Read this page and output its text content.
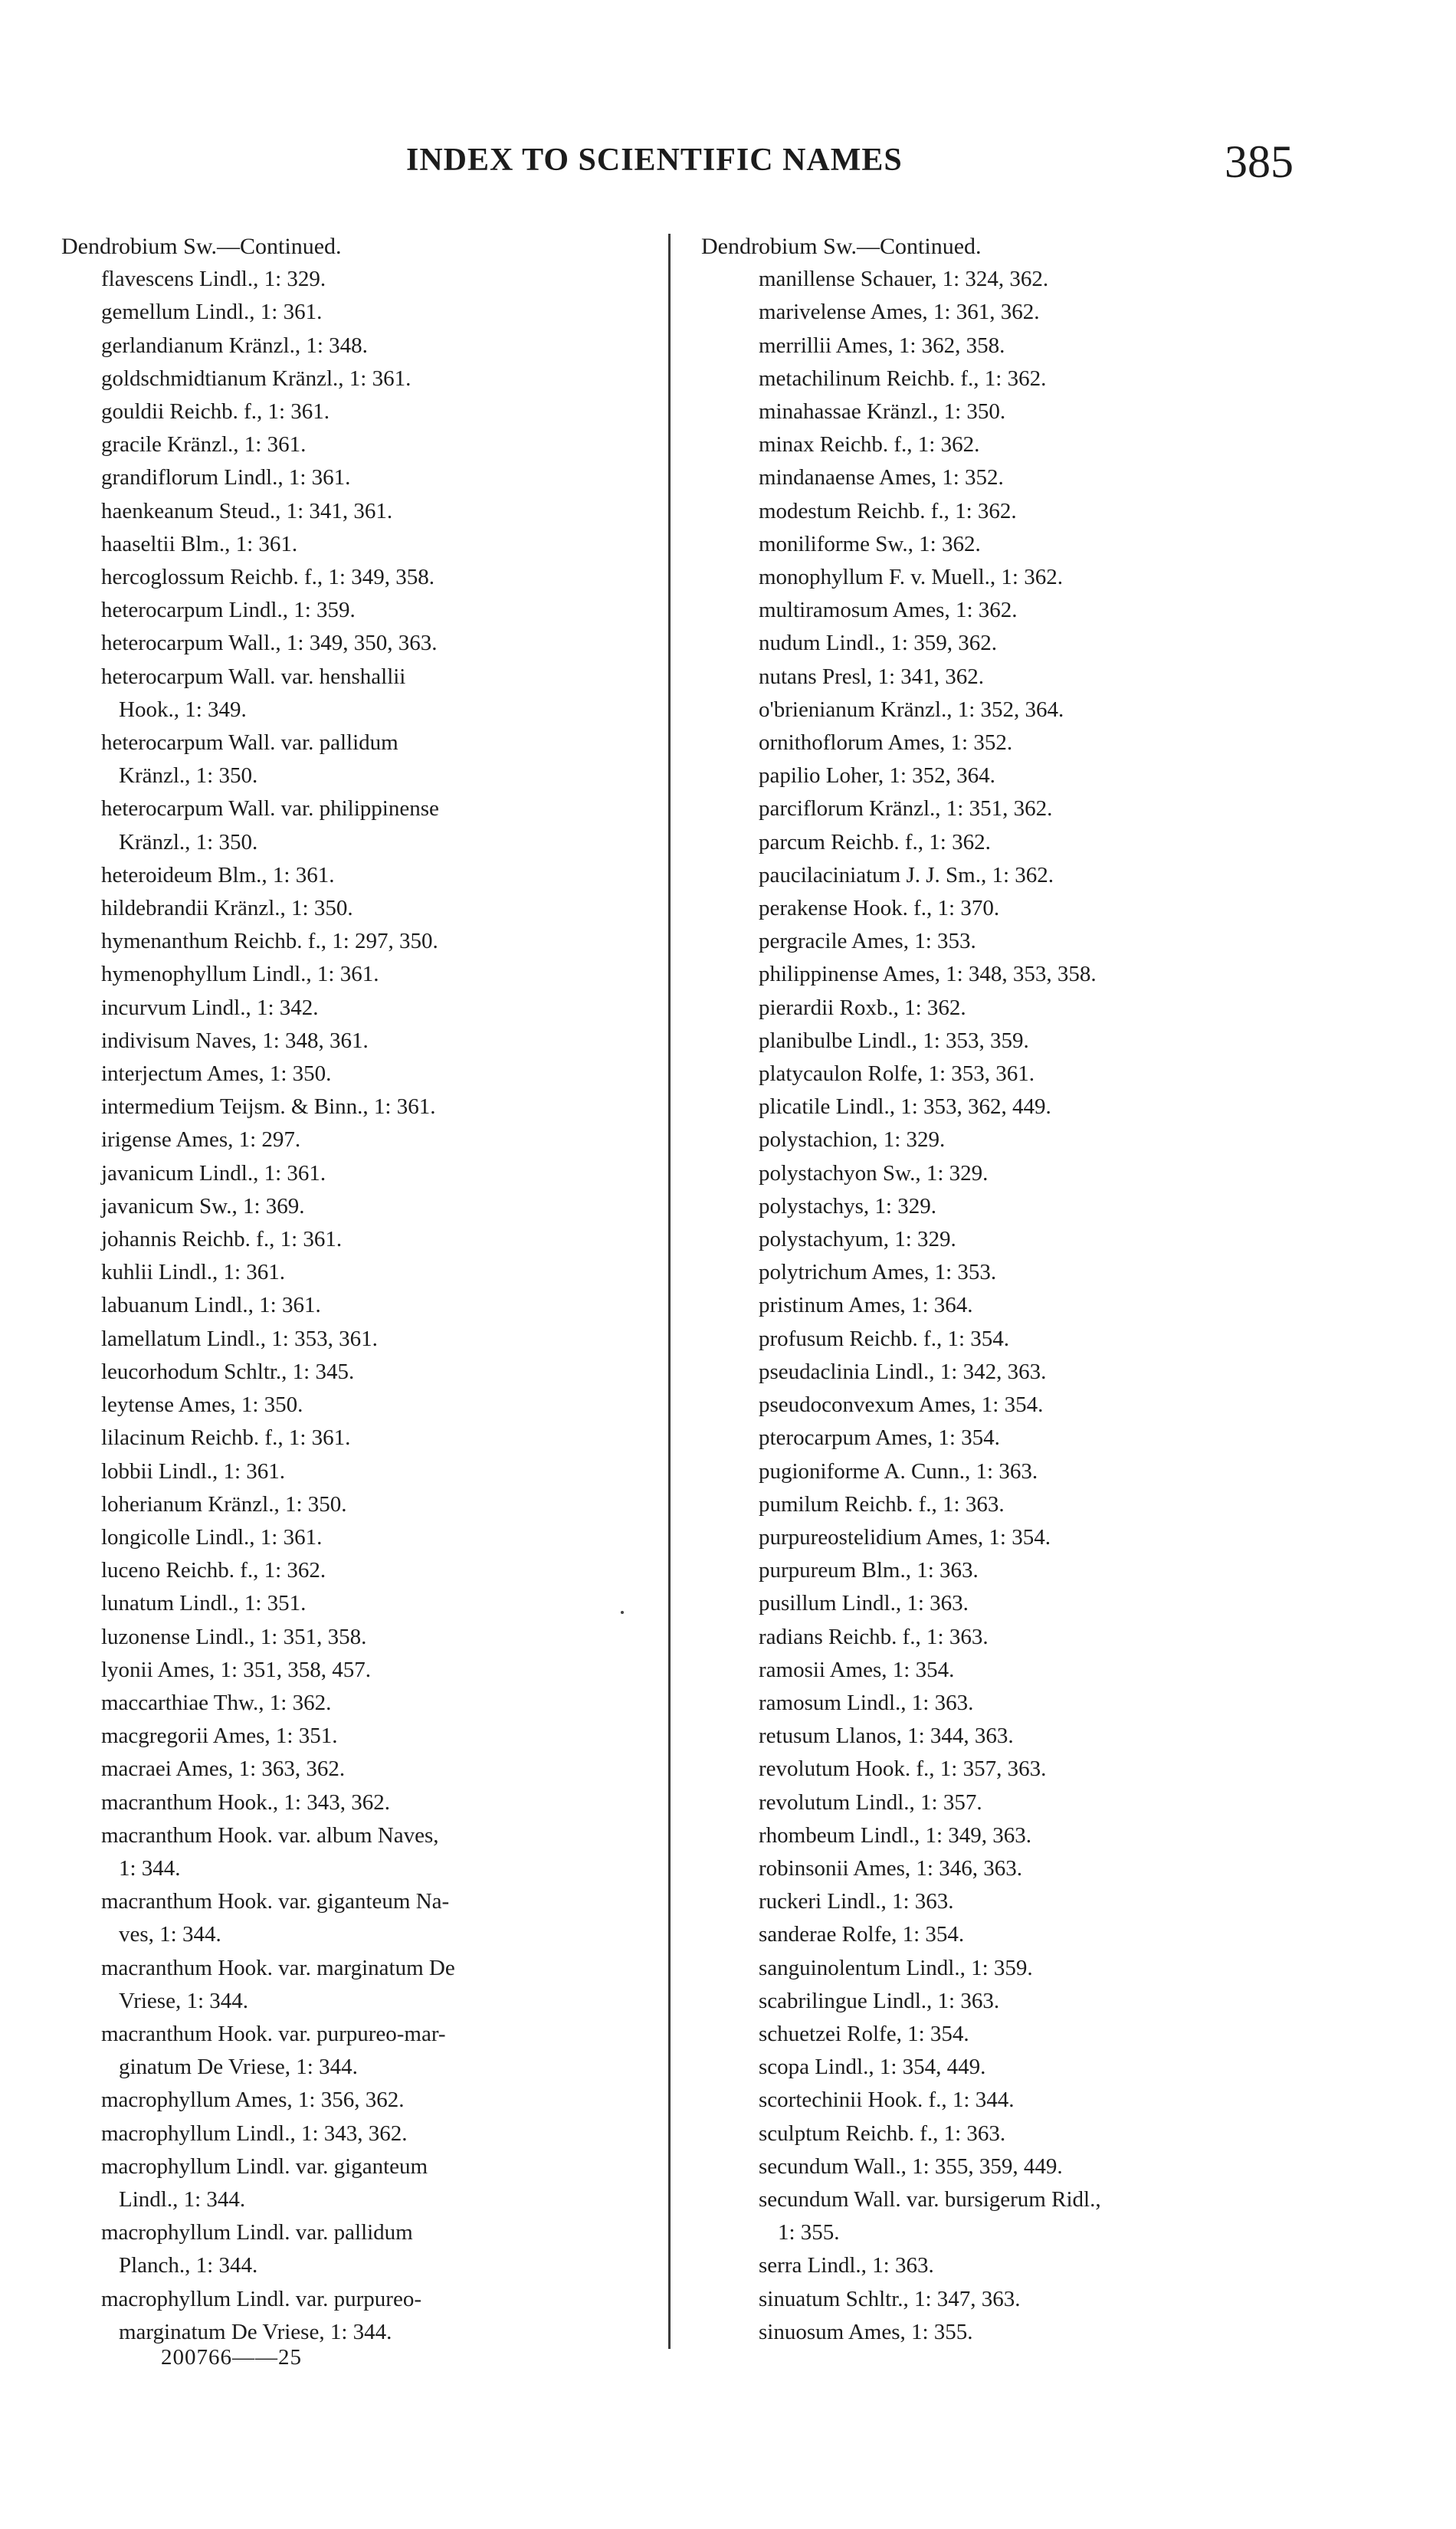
INDEX TO SCIENTIFIC NAMES	385
Dendrobium Sw.—Continued.
flavescens Lindl., 1: 329.
gemellum Lindl., 1: 361.
gerlandianum Kränzl., 1: 348.
goldschmidtianum Kränzl., 1: 361.
gouldii Reichb. f., 1: 361.
gracile Kränzl., 1: 361.
grandiflorum Lindl., 1: 361.
haenkeanum Steud., 1: 341, 361.
haaseltii Blm., 1: 361.
hercoglossum Reichb. f., 1: 349, 358.
heterocarpum Lindl., 1: 359.
heterocarpum Wall., 1: 349, 350, 363.
heterocarpum Wall. var. henshallii
Hook., 1: 349.
heterocarpum Wall. var. pallidum
Kränzl., 1: 350.
heterocarpum Wall. var. philippinense
Kränzl., 1: 350.
heteroideum Blm., 1: 361.
hildebrandii Kränzl., 1: 350.
hymenanthum Reichb. f., 1: 297, 350.
hymenophyllum Lindl., 1: 361.
incurvum Lindl., 1: 342.
indivisum Naves, 1: 348, 361.
interjectum Ames, 1: 350.
intermedium Teijsm. & Binn., 1: 361.
irigense Ames, 1: 297.
javanicum Lindl., 1: 361.
javanicum Sw., 1: 369.
johannis Reichb. f., 1: 361.
kuhlii Lindl., 1: 361.
labuanum Lindl., 1: 361.
lamellatum Lindl., 1: 353, 361.
leucorhodum Schltr., 1: 345.
leytense Ames, 1: 350.
lilacinum Reichb. f., 1: 361.
lobbii Lindl., 1: 361.
loherianum Kränzl., 1: 350.
longicolle Lindl., 1: 361.
luceno Reichb. f., 1: 362.
lunatum Lindl., 1: 351.
luzonense Lindl., 1: 351, 358.
lyonii Ames, 1: 351, 358, 457.
maccarthiae Thw., 1: 362.
macgregorii Ames, 1: 351.
macraei Ames, 1: 363, 362.
macranthum Hook., 1: 343, 362.
macranthum Hook. var. album Naves,
1: 344.
macranthum Hook. var. giganteum Na-
ves, 1: 344.
macranthum Hook. var. marginatum De
Vriese, 1: 344.
macranthum Hook. var. purpureo-mar-
ginatum De Vriese, 1: 344.
macrophyllum Ames, 1: 356, 362.
macrophyllum Lindl., 1: 343, 362.
macrophyllum Lindl. var. giganteum
Lindl., 1: 344.
macrophyllum Lindl. var. pallidum
Planch., 1: 344.
macrophyllum Lindl. var. purpureo-
marginatum De Vriese, 1: 344.
Dendrobium Sw.—Continued.
manillense Schauer, 1: 324, 362.
marivelense Ames, 1: 361, 362.
merrillii Ames, 1: 362, 358.
metachilinum Reichb. f., 1: 362.
minahassae Kränzl., 1: 350.
minax Reichb. f., 1: 362.
mindanaense Ames, 1: 352.
modestum Reichb. f., 1: 362.
moniliforme Sw., 1: 362.
monophyllum F. v. Muell., 1: 362.
multiramosum Ames, 1: 362.
nudum Lindl., 1: 359, 362.
nutans Presl, 1: 341, 362.
o'brienianum Kränzl., 1: 352, 364.
ornithoflorum Ames, 1: 352.
papilio Loher, 1: 352, 364.
parciflorum Kränzl., 1: 351, 362.
parcum Reichb. f., 1: 362.
paucilaciniatum J. J. Sm., 1: 362.
perakense Hook. f., 1: 370.
pergracile Ames, 1: 353.
philippinense Ames, 1: 348, 353, 358.
pierardii Roxb., 1: 362.
planibulbe Lindl., 1: 353, 359.
platycaulon Rolfe, 1: 353, 361.
plicatile Lindl., 1: 353, 362, 449.
polystachion, 1: 329.
polystachyon Sw., 1: 329.
polystachys, 1: 329.
polystachyum, 1: 329.
polytrichum Ames, 1: 353.
pristinum Ames, 1: 364.
profusum Reichb. f., 1: 354.
pseudaclinia Lindl., 1: 342, 363.
pseudoconvexum Ames, 1: 354.
pterocarpum Ames, 1: 354.
pugioniforme A. Cunn., 1: 363.
pumilum Reichb. f., 1: 363.
purpureostelidium Ames, 1: 354.
purpureum Blm., 1: 363.
pusillum Lindl., 1: 363.
radians Reichb. f., 1: 363.
ramosii Ames, 1: 354.
ramosum Lindl., 1: 363.
retusum Llanos, 1: 344, 363.
revolutum Hook. f., 1: 357, 363.
revolutum Lindl., 1: 357.
rhombeum Lindl., 1: 349, 363.
robinsonii Ames, 1: 346, 363.
ruckeri Lindl., 1: 363.
sanderae Rolfe, 1: 354.
sanguinolentum Lindl., 1: 359.
scabrilingue Lindl., 1: 363.
schuetzei Rolfe, 1: 354.
scopa Lindl., 1: 354, 449.
scortechinii Hook. f., 1: 344.
sculptum Reichb. f., 1: 363.
secundum Wall., 1: 355, 359, 449.
secundum Wall. var. bursigerum Ridl.,
1: 355.
serra Lindl., 1: 363.
sinuatum Schltr., 1: 347, 363.
sinuosum Ames, 1: 355.
200766——25
